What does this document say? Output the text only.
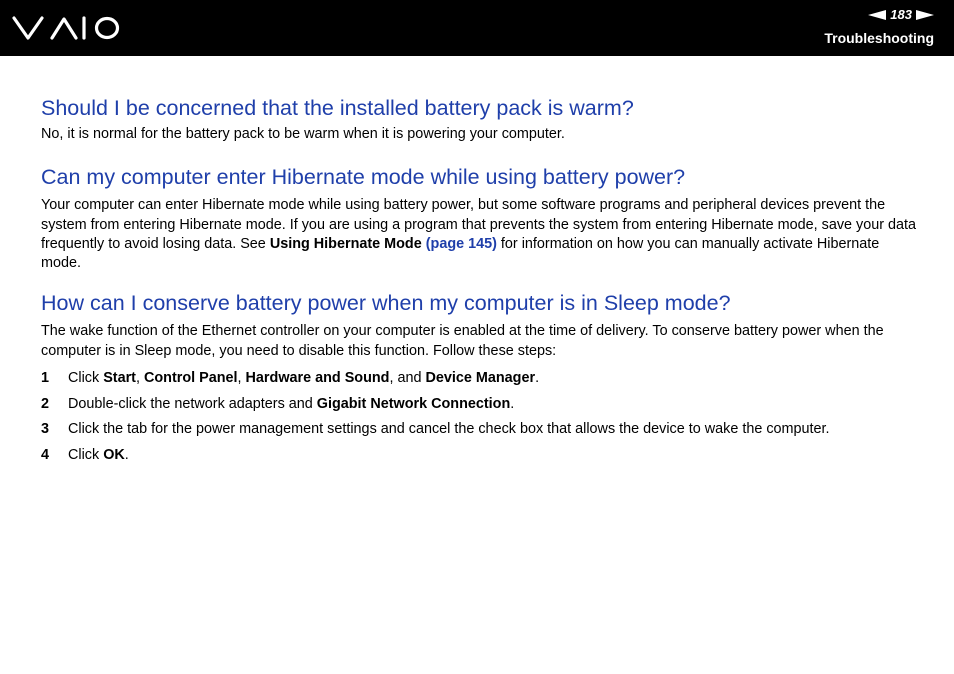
183
Troubleshooting
Should I be concerned that the installed battery pack is warm?

No, it is normal for the battery pack to be warm when it is powering your computer.

Can my computer enter Hibernate mode while using battery power?

Your computer can enter Hibernate mode while using battery power, but some software programs and peripheral devices prevent the system from entering Hibernate mode. If you are using a program that prevents the system from entering Hibernate mode, save your data frequently to avoid losing data. See Using Hibernate Mode (page 145) for information on how you can manually activate Hibernate mode.

How can I conserve battery power when my computer is in Sleep mode?

The wake function of the Ethernet controller on your computer is enabled at the time of delivery. To conserve battery power when the computer is in Sleep mode, you need to disable this function. Follow these steps:

1	Click Start, Control Panel, Hardware and Sound, and Device Manager.
2	Double-click the network adapters and Gigabit Network Connection.
3	Click the tab for the power management settings and cancel the check box that allows the device to wake the computer.
4	Click OK.
